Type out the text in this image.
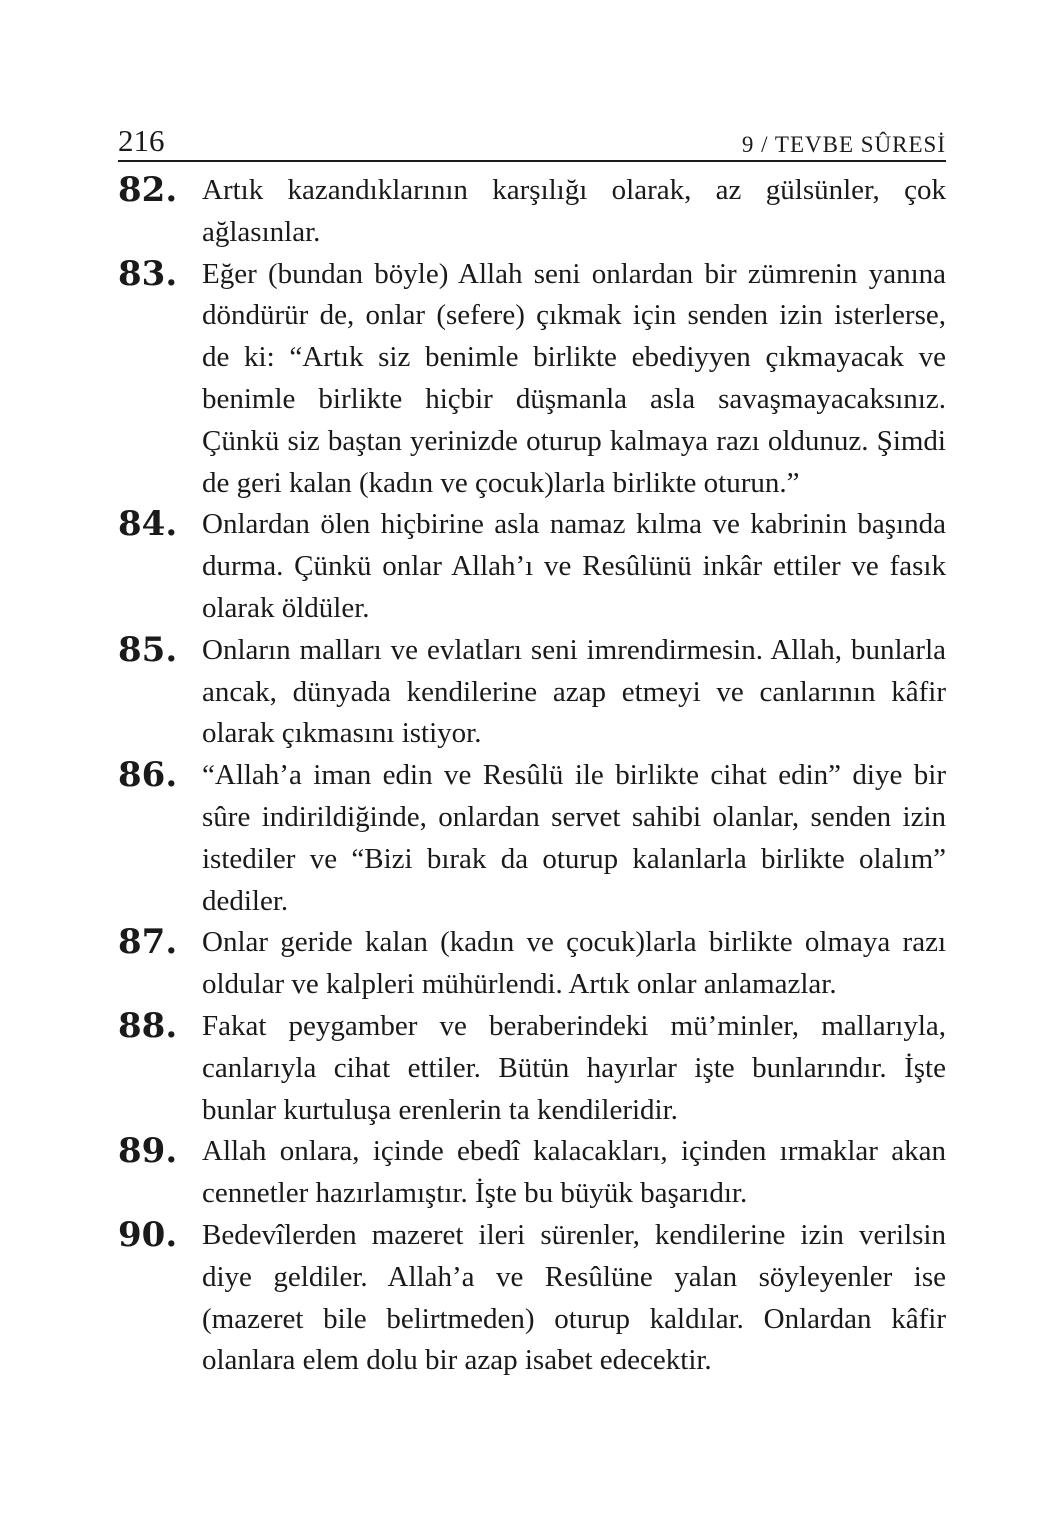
216	9 / TEVBE SÛRESİ
82. Artık kazandıklarının karşılığı olarak, az gülsünler, çok ağlasınlar.
83. Eğer (bundan böyle) Allah seni onlardan bir zümrenin yanına döndürür de, onlar (sefere) çıkmak için senden izin isterlerse, de ki: “Artık siz benimle birlikte ebediyyen çıkmayacak ve benimle birlikte hiçbir düşmanla asla savaşmayacaksınız. Çünkü siz baştan yerinizde oturup kalmaya razı oldunuz. Şimdi de geri kalan (kadın ve çocuk)larla birlikte oturun.”
84. Onlardan ölen hiçbirine asla namaz kılma ve kabrinin başında durma. Çünkü onlar Allah’ı ve Resûlünü inkâr ettiler ve fasık olarak öldüler.
85. Onların malları ve evlatları seni imrendirmesin. Allah, bunlarla ancak, dünyada kendilerine azap etmeyi ve canlarının kâfir olarak çıkmasını istiyor.
86. “Allah’a iman edin ve Resûlü ile birlikte cihat edin” diye bir sûre indirildiğinde, onlardan servet sahibi olanlar, senden izin istediler ve “Bizi bırak da oturup kalanlarla birlikte olalım” dediler.
87. Onlar geride kalan (kadın ve çocuk)larla birlikte olmaya razı oldular ve kalpleri mühürlendi. Artık onlar anlamazlar.
88. Fakat peygamber ve beraberindeki mü’minler, mallarıyla, canlarıyla cihat ettiler. Bütün hayırlar işte bunlarındır. İşte bunlar kurtuluşa erenlerin ta kendileridir.
89. Allah onlara, içinde ebedî kalacakları, içinden ırmaklar akan cennetler hazırlamıştır. İşte bu büyük başarıdır.
90. Bedevîlerden mazeret ileri sürenler, kendilerine izin verilsin diye geldiler. Allah’a ve Resûlüne yalan söyleyenler ise (mazeret bile belirtmeden) oturup kaldılar. Onlardan kâfir olanlara elem dolu bir azap isabet edecektir.
